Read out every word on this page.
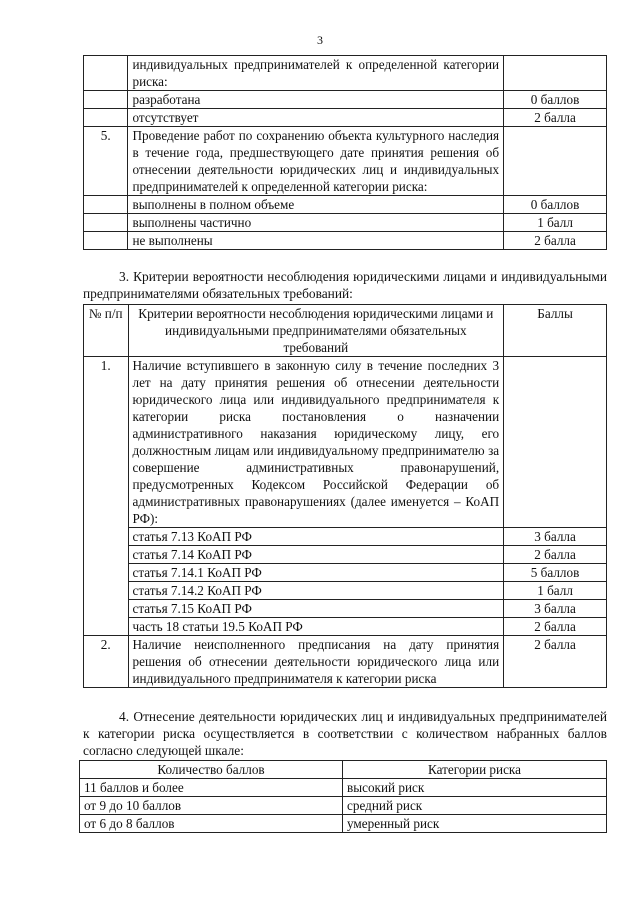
3
	индивидуальных предпринимателей к определенной категории риска:	
	разработана	0 баллов
	отсутствует	2 балла
5.	Проведение работ по сохранению объекта культурного наследия в течение года, предшествующего дате принятия решения об отнесении деятельности юридических лиц и индивидуальных предпринимателей к определенной категории риска:	
	выполнены в полном объеме	0 баллов
	выполнены частично	1 балл
	не выполнены	2 балла
3. Критерии вероятности несоблюдения юридическими лицами и индивидуальными предпринимателями обязательных требований:
№ п/п	Критерии вероятности несоблюдения юридическими лицами и индивидуальными предпринимателями обязательных требований	Баллы
1.	Наличие вступившего в законную силу в течение последних 3 лет на дату принятия решения об отнесении деятельности юридического лица или индивидуального предпринимателя к категории риска постановления о назначении административного наказания юридическому лицу, его должностным лицам или индивидуальному предпринимателю за совершение административных правонарушений, предусмотренных Кодексом Российской Федерации об административных правонарушениях (далее именуется – КоАП РФ):	
	статья 7.13 КоАП РФ	3 балла
	статья 7.14 КоАП РФ	2 балла
	статья 7.14.1 КоАП РФ	5 баллов
	статья 7.14.2 КоАП РФ	1 балл
	статья 7.15 КоАП РФ	3 балла
	часть 18 статьи 19.5 КоАП РФ	2 балла
2.	Наличие неисполненного предписания на дату принятия решения об отнесении деятельности юридического лица или индивидуального предпринимателя к категории риска	2 балла
4. Отнесение деятельности юридических лиц и индивидуальных предпринимателей к категории риска осуществляется в соответствии с количеством набранных баллов согласно следующей шкале:
Количество баллов	Категории риска
11 баллов и более	высокий риск
от 9 до 10 баллов	средний риск
от 6 до 8 баллов	умеренный риск
